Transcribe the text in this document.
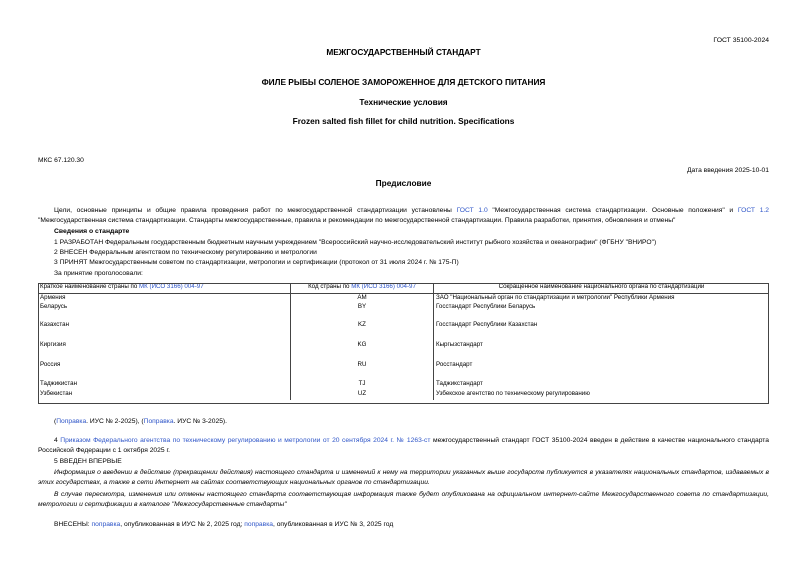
ГОСТ 35100-2024
МЕЖГОСУДАРСТВЕННЫЙ СТАНДАРТ
ФИЛЕ РЫБЫ СОЛЕНОЕ ЗАМОРОЖЕННОЕ ДЛЯ ДЕТСКОГО ПИТАНИЯ
Технические условия
Frozen salted fish fillet for child nutrition. Specifications
МКС 67.120.30
Дата введения 2025-10-01
Предисловие
Цели, основные принципы и общие правила проведения работ по межгосударственной стандартизации установлены ГОСТ 1.0 "Межгосударственная система стандартизации. Основные положения" и ГОСТ 1.2 "Межгосударственная система стандартизации. Стандарты межгосударственные, правила и рекомендации по межгосударственной стандартизации. Правила разработки, принятия, обновления и отмены"
Сведения о стандарте
1 РАЗРАБОТАН Федеральным государственным бюджетным научным учреждением "Всероссийский научно-исследовательский институт рыбного хозяйства и океанографии" (ФГБНУ "ВНИРО")
2 ВНЕСЕН Федеральным агентством по техническому регулированию и метрологии
3 ПРИНЯТ Межгосударственным советом по стандартизации, метрологии и сертификации (протокол от 31 июля 2024 г. № 175-П)
За принятие проголосовали:
Краткое наименование страны по МК (ИСО 3166) 004-97	Код страны по МК (ИСО 3166) 004-97	Сокращенное наименование национального органа по стандартизации
Армения	AM	ЗАО "Национальный орган по стандартизации и метрологии" Республики Армения
Беларусь	BY	Госстандарт Республики Беларусь
Казахстан	KZ	Госстандарт Республики Казахстан
Киргизия	KG	Кыргызстандарт
Россия	RU	Росстандарт
Таджикистан	TJ	Таджикстандарт
Узбекистан	UZ	Узбекское агентство по техническому регулированию
(Поправка. ИУС № 2-2025), (Поправка. ИУС № 3-2025).
4 Приказом Федерального агентства по техническому регулированию и метрологии от 20 сентября 2024 г. № 1263-ст межгосударственный стандарт ГОСТ 35100-2024 введен в действие в качестве национального стандарта Российской Федерации с 1 октября 2025 г.
5 ВВЕДЕН ВПЕРВЫЕ
Информация о введении в действие (прекращении действия) настоящего стандарта и изменений к нему на территории указанных выше государств публикуется в указателях национальных стандартов, издаваемых в этих государствах, а также в сети Интернет на сайтах соответствующих национальных органов по стандартизации.
В случае пересмотра, изменения или отмены настоящего стандарта соответствующая информация также будет опубликована на официальном интернет-сайте Межгосударственного совета по стандартизации, метрологии и сертификации в каталоге "Межгосударственные стандарты"
ВНЕСЕНЫ: поправка, опубликованная в ИУС № 2, 2025 год; поправка, опубликованная в ИУС № 3, 2025 год
